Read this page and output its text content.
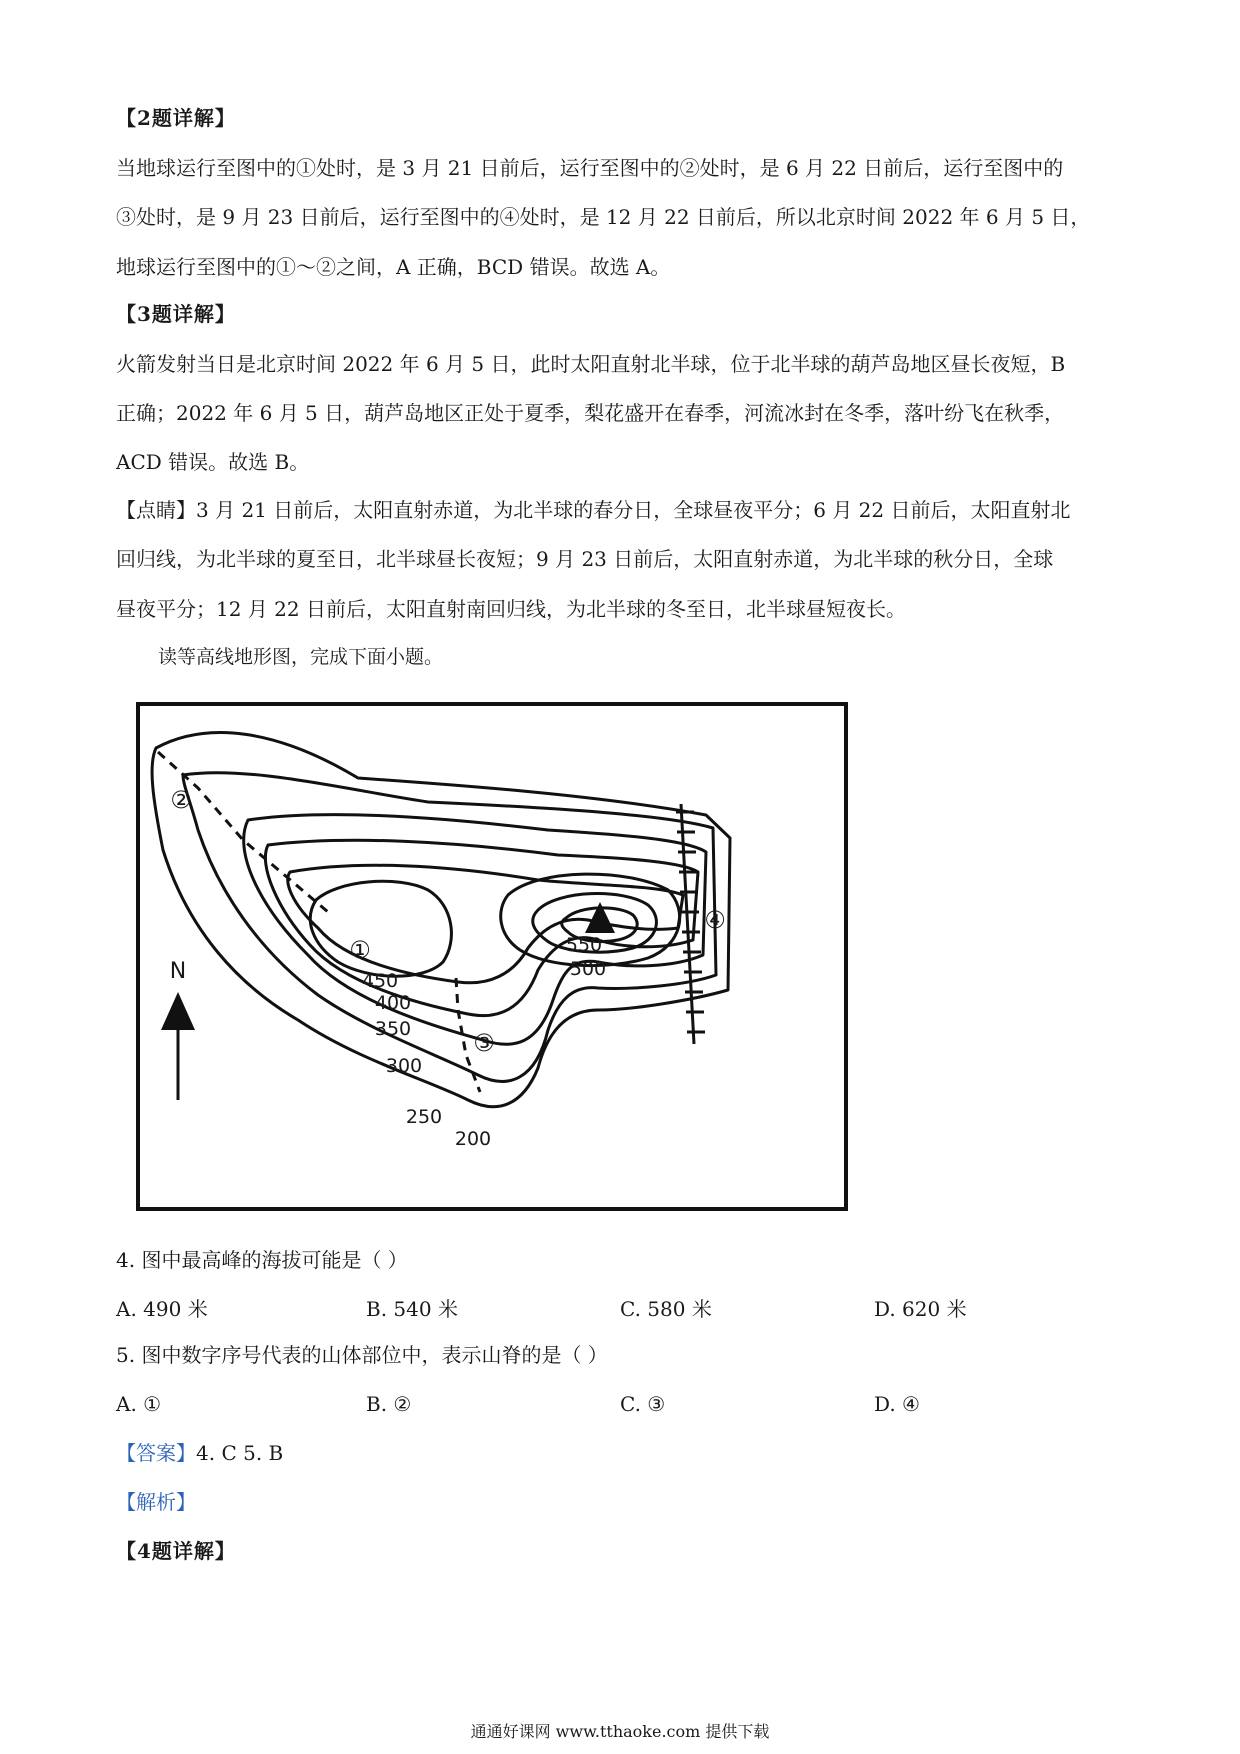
【2题详解】
当地球运行至图中的①处时，是 3 月 21 日前后，运行至图中的②处时，是 6 月 22 日前后，运行至图中的
③处时，是 9 月 23 日前后，运行至图中的④处时，是 12 月 22 日前后，所以北京时间 2022 年 6 月 5 日，
地球运行至图中的①～②之间，A 正确，BCD 错误。故选 A。
【3题详解】
火箭发射当日是北京时间 2022 年 6 月 5 日，此时太阳直射北半球，位于北半球的葫芦岛地区昼长夜短，B
正确；2022 年 6 月 5 日，葫芦岛地区正处于夏季，梨花盛开在春季，河流冰封在冬季，落叶纷飞在秋季，
ACD 错误。故选 B。
【点睛】3 月 21 日前后，太阳直射赤道，为北半球的春分日，全球昼夜平分；6 月 22 日前后，太阳直射北
回归线，为北半球的夏至日，北半球昼长夜短；9 月 23 日前后，太阳直射赤道，为北半球的秋分日，全球
昼夜平分；12 月 22 日前后，太阳直射南回归线，为北半球的冬至日，北半球昼短夜长。
读等高线地形图，完成下面小题。
N
①
②
③
④
550
500
450
400
350
300
250
200
4. 图中最高峰的海拔可能是（ ）
A. 490 米	B. 540 米	C. 580 米	D. 620 米
5. 图中数字序号代表的山体部位中，表示山脊的是（ ）
A. ①	B. ②	C. ③	D. ④
【答案】4. C 5. B
【解析】
【4题详解】
通通好课网 www.tthaoke.com 提供下载
